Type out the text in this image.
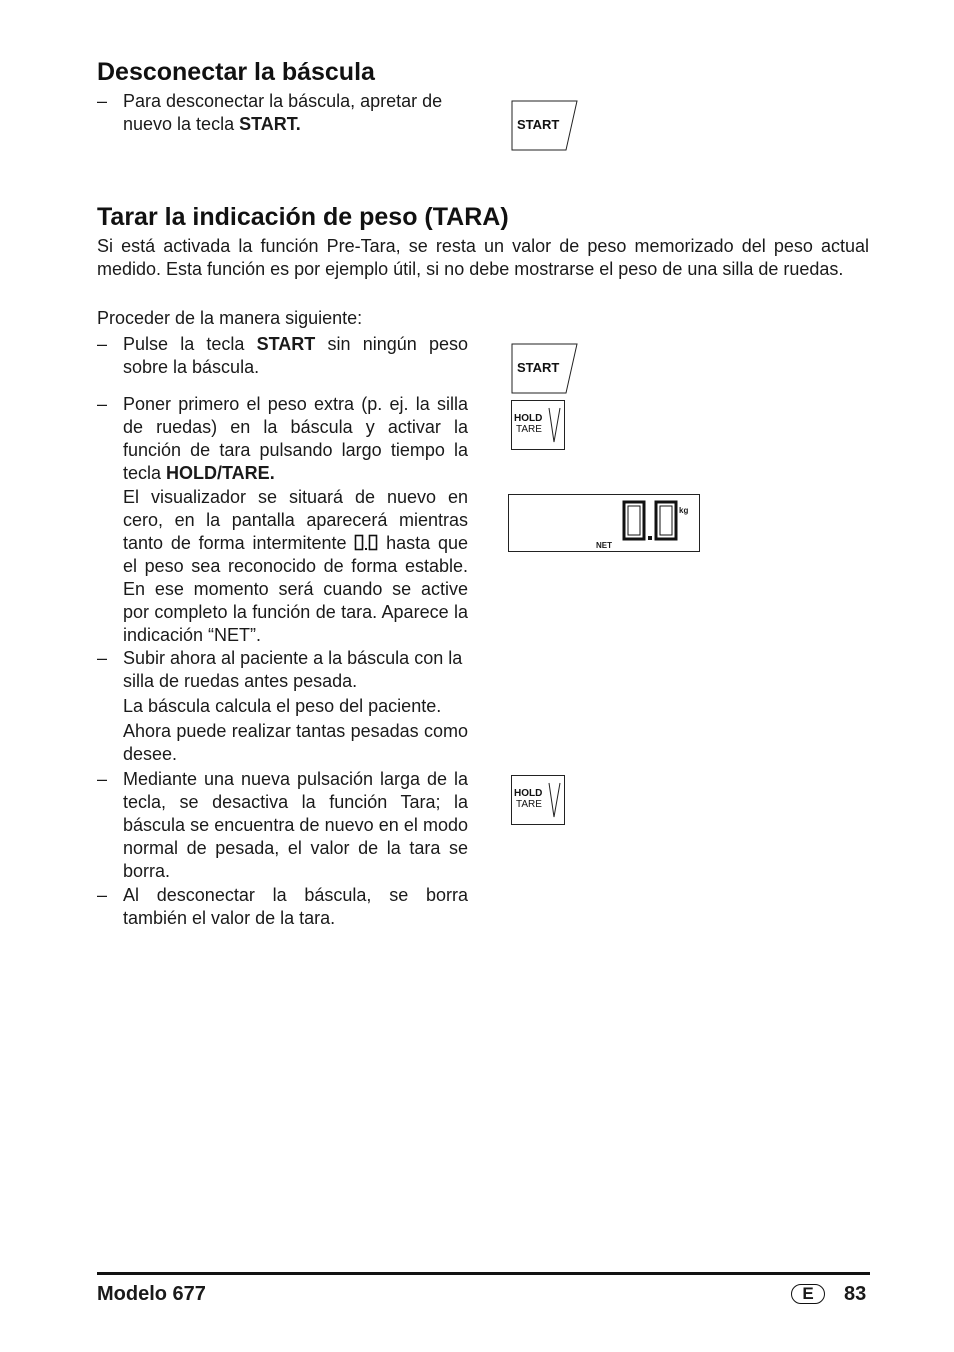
Desconectar la báscula
– Para desconectar la báscula, apretar de nuevo la tecla START.	START
Tarar la indicación de peso (TARA)

Si está activada la función Pre-Tara, se resta un valor de peso memorizado del peso actual medido. Esta función es por ejemplo útil, si no debe mostrarse el peso de una silla de ruedas.

Proceder de la manera siguiente:

– Pulse la tecla START sin ningún peso sobre la báscula.	START
– Poner primero el peso extra (p. ej. la silla de ruedas) en la báscula y activar la función de tara pulsando largo tiempo la tecla HOLD/TARE.

HOLD
TARE

El visualizador se situará de nuevo en cero, en la pantalla aparecerá mientras tanto de forma intermitente  hasta que el peso sea reconocido de forma estable. En ese momento será cuando se active por completo la función de tara. Aparece la indicación “NET”.

kg
NET
– Subir ahora al paciente a la báscula con la silla de ruedas antes pesada.

La báscula calcula el peso del paciente.

Ahora puede realizar tantas pesadas como desee.

– Mediante una nueva pulsación larga de la tecla, se desactiva la función Tara; la báscula se encuentra de nuevo en el modo normal de pesada, el valor de la tara se borra.

HOLD
TARE
– Al desconectar la báscula, se borra también el valor de la tara.

Modelo 677	E	83
